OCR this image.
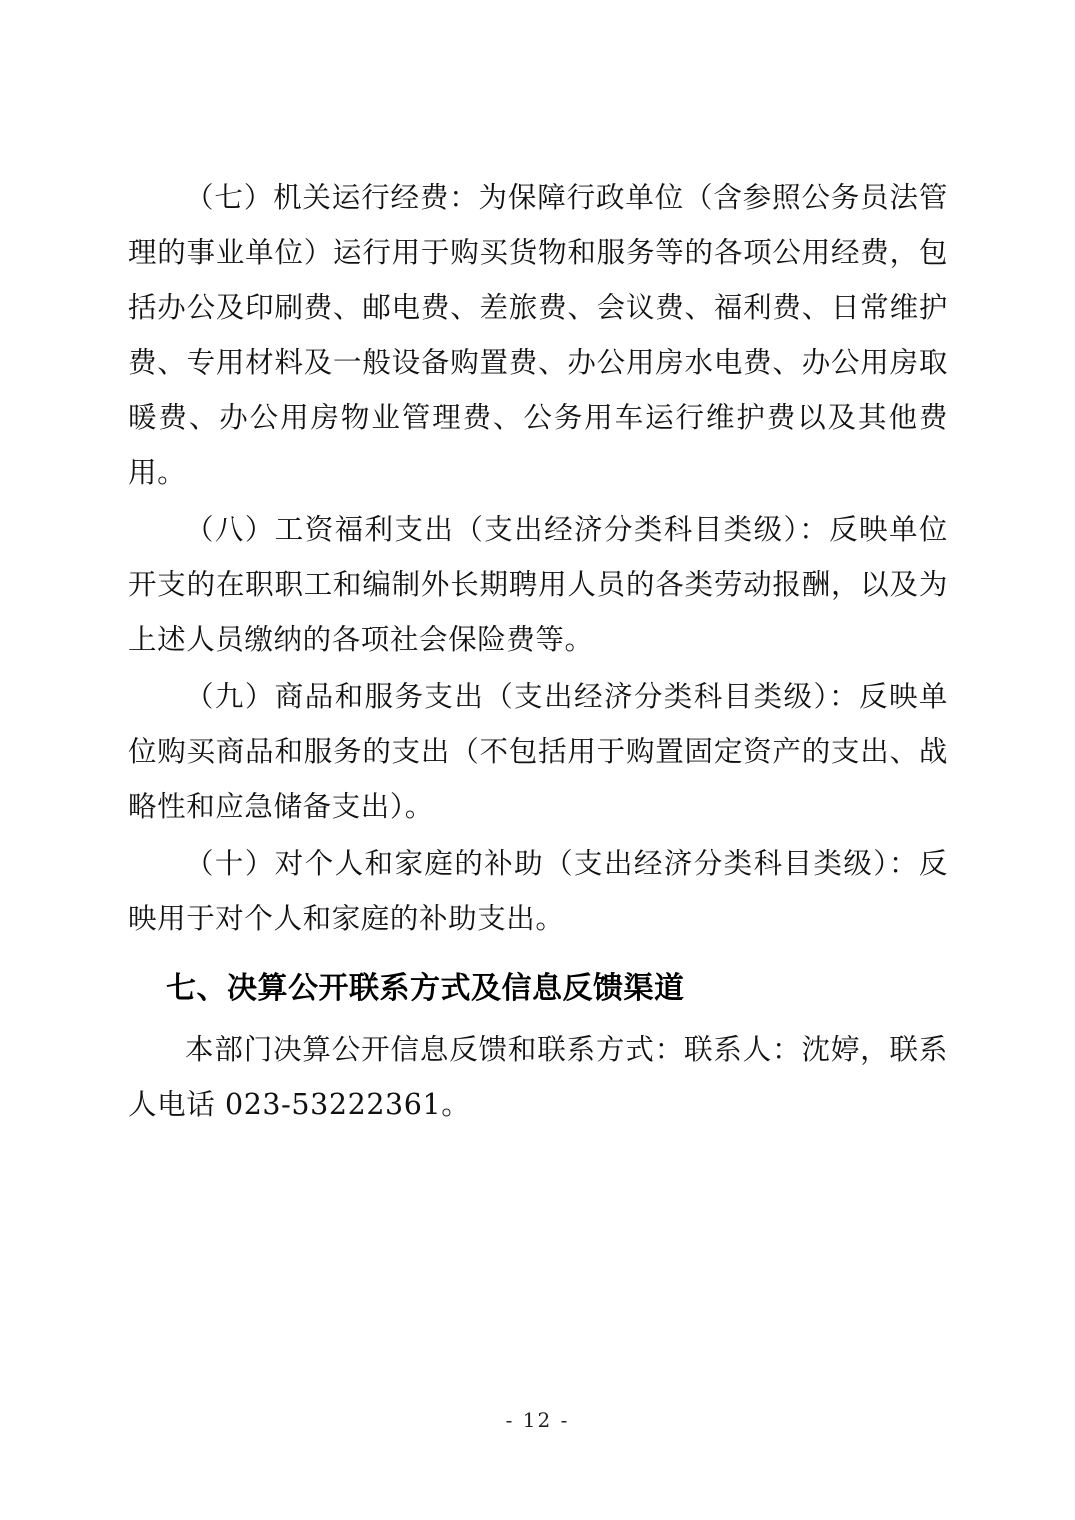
（七）机关运行经费：为保障行政单位（含参照公务员法管理的事业单位）运行用于购买货物和服务等的各项公用经费，包括办公及印刷费、邮电费、差旅费、会议费、福利费、日常维护费、专用材料及一般设备购置费、办公用房水电费、办公用房取暖费、办公用房物业管理费、公务用车运行维护费以及其他费用。

（八）工资福利支出（支出经济分类科目类级）：反映单位开支的在职职工和编制外长期聘用人员的各类劳动报酬，以及为上述人员缴纳的各项社会保险费等。

（九）商品和服务支出（支出经济分类科目类级）：反映单位购买商品和服务的支出（不包括用于购置固定资产的支出、战略性和应急储备支出）。

（十）对个人和家庭的补助（支出经济分类科目类级）：反映用于对个人和家庭的补助支出。

七、决算公开联系方式及信息反馈渠道

本部门决算公开信息反馈和联系方式：联系人：沈婷，联系人电话 023-53222361。

- 12 -
